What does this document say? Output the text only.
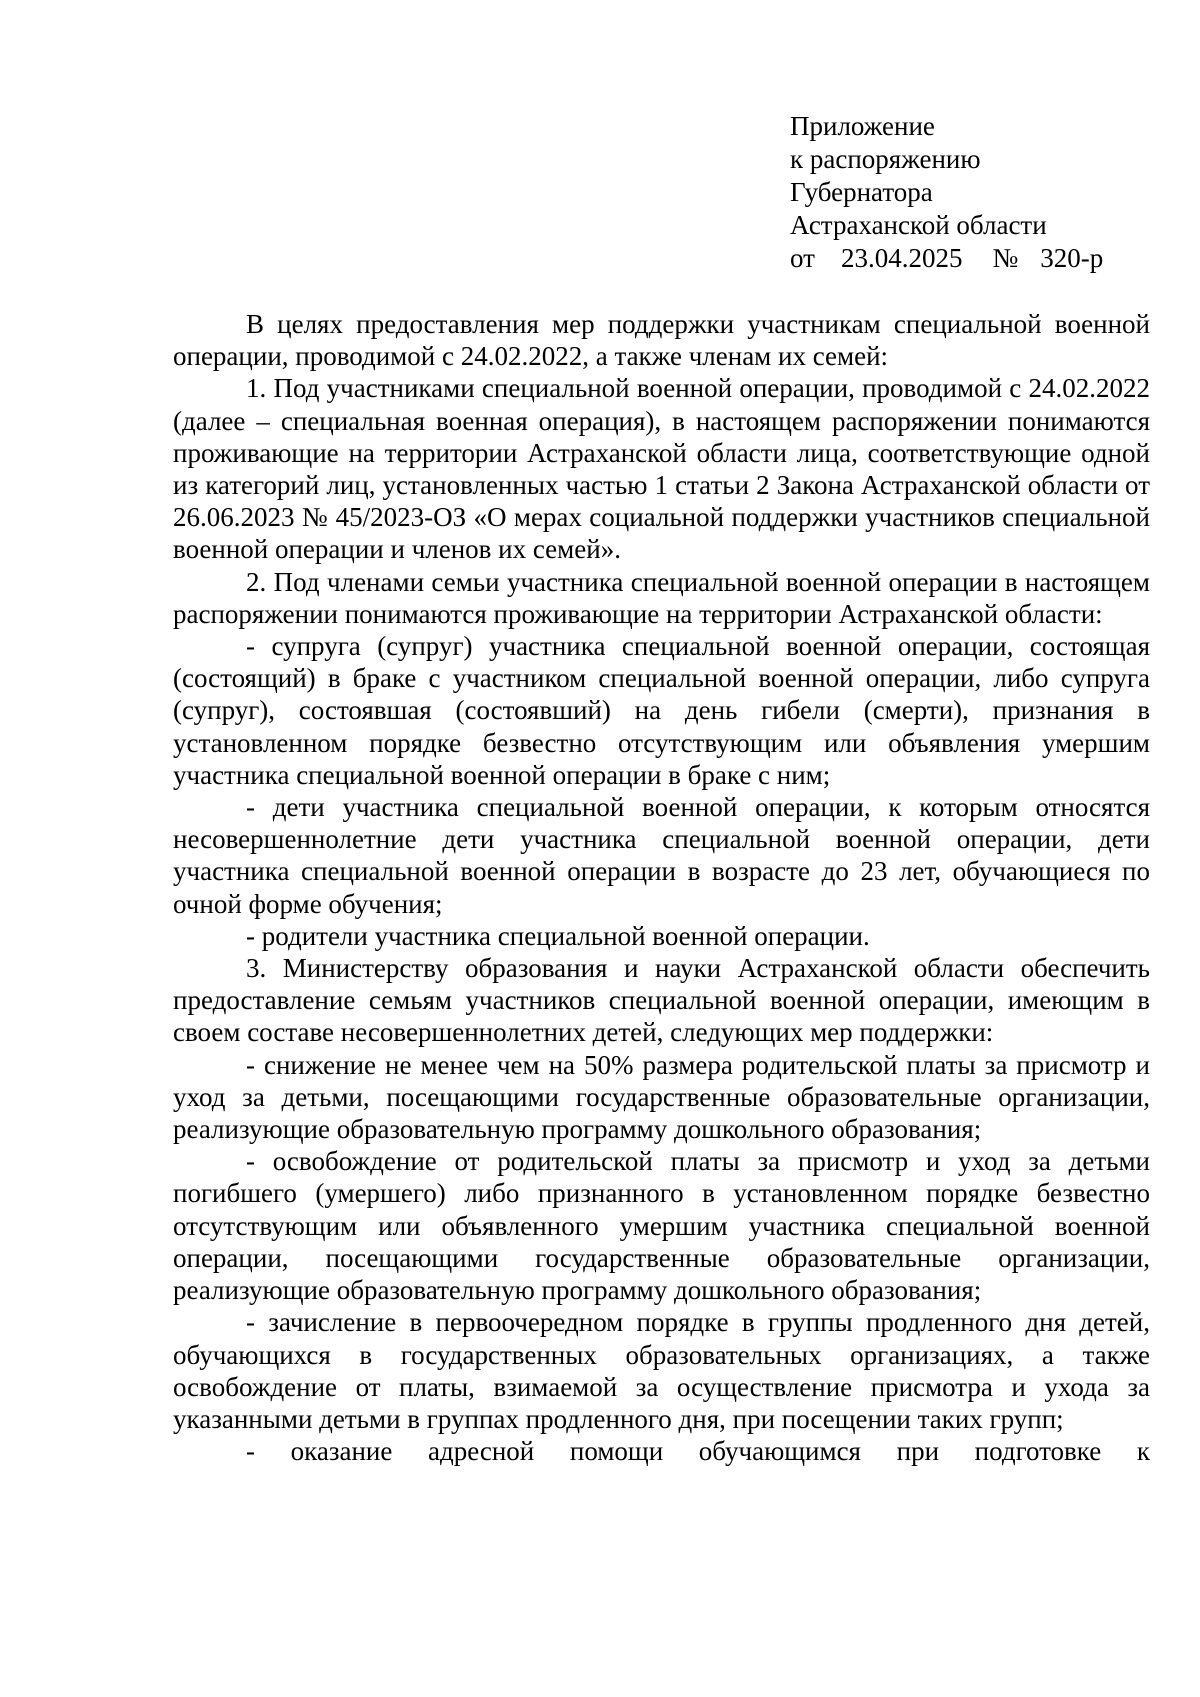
Приложение
к распоряжению
Губернатора
Астраханской области
от 23.04.2025 № 320-р

В целях предоставления мер поддержки участникам специальной военной операции, проводимой с 24.02.2022, а также членам их семей:

1. Под участниками специальной военной операции, проводимой с 24.02.2022 (далее – специальная военная операция), в настоящем распоряжении понимаются проживающие на территории Астраханской области лица, соответствующие одной из категорий лиц, установленных частью 1 статьи 2 Закона Астраханской области от 26.06.2023 № 45/2023-ОЗ «О мерах социальной поддержки участников специальной военной операции и членов их семей».

2. Под членами семьи участника специальной военной операции в настоящем распоряжении понимаются проживающие на территории Астраханской области:

- супруга (супруг) участника специальной военной операции, состоящая (состоящий) в браке с участником специальной военной операции, либо супруга (супруг), состоявшая (состоявший) на день гибели (смерти), признания в установленном порядке безвестно отсутствующим или объявления умершим участника специальной военной операции в браке с ним;

- дети участника специальной военной операции, к которым относятся несовершеннолетние дети участника специальной военной операции, дети участника специальной военной операции в возрасте до 23 лет, обучающиеся по очной форме обучения;

- родители участника специальной военной операции.

3. Министерству образования и науки Астраханской области обеспечить предоставление семьям участников специальной военной операции, имеющим в своем составе несовершеннолетних детей, следующих мер поддержки:

- снижение не менее чем на 50% размера родительской платы за присмотр и уход за детьми, посещающими государственные образовательные организации, реализующие образовательную программу дошкольного образования;

- освобождение от родительской платы за присмотр и уход за детьми погибшего (умершего) либо признанного в установленном порядке безвестно отсутствующим или объявленного умершим участника специальной военной операции, посещающими государственные образовательные организации, реализующие образовательную программу дошкольного образования;

- зачисление в первоочередном порядке в группы продленного дня детей, обучающихся в государственных образовательных организациях, а также освобождение от платы, взимаемой за осуществление присмотра и ухода за указанными детьми в группах продленного дня, при посещении таких групп;

- оказание адресной помощи обучающимся при подготовке к
